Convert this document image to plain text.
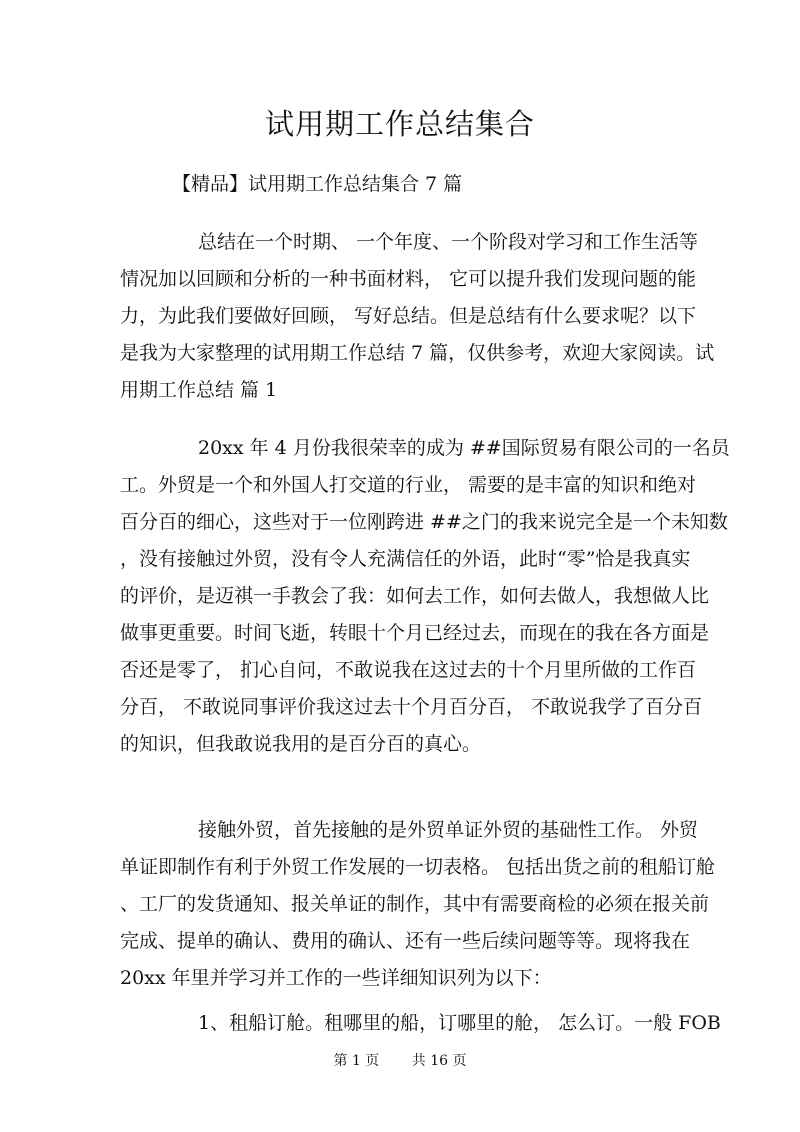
试用期工作总结集合
【精品】试用期工作总结集合 7 篇
总结在一个时期、 一个年度、一个阶段对学习和工作生活等
情况加以回顾和分析的一种书面材料， 它可以提升我们发现问题的能
力，为此我们要做好回顾， 写好总结。但是总结有什么要求呢？以下
是我为大家整理的试用期工作总结 7 篇，仅供参考，欢迎大家阅读。试
用期工作总结 篇 1
20xx 年 4 月份我很荣幸的成为 ##国际贸易有限公司的一名员
工。外贸是一个和外国人打交道的行业， 需要的是丰富的知识和绝对
百分百的细心，这些对于一位刚跨进 ##之门的我来说完全是一个未知数
，没有接触过外贸，没有令人充满信任的外语，此时“零”恰是我真实
的评价，是迈祺一手教会了我：如何去工作，如何去做人，我想做人比
做事更重要。时间飞逝，转眼十个月已经过去，而现在的我在各方面是
否还是零了， 扪心自问，不敢说我在这过去的十个月里所做的工作百
分百， 不敢说同事评价我这过去十个月百分百， 不敢说我学了百分百
的知识，但我敢说我用的是百分百的真心。
接触外贸，首先接触的是外贸单证外贸的基础性工作。 外贸
单证即制作有利于外贸工作发展的一切表格。 包括出货之前的租船订舱
、工厂的发货通知、报关单证的制作，其中有需要商检的必须在报关前
完成、提单的确认、费用的确认、还有一些后续问题等等。现将我在
20xx 年里并学习并工作的一些详细知识列为以下：
1、租船订舱。租哪里的船，订哪里的舱， 怎么订。一般 FOB
第 1 页 共 16 页
